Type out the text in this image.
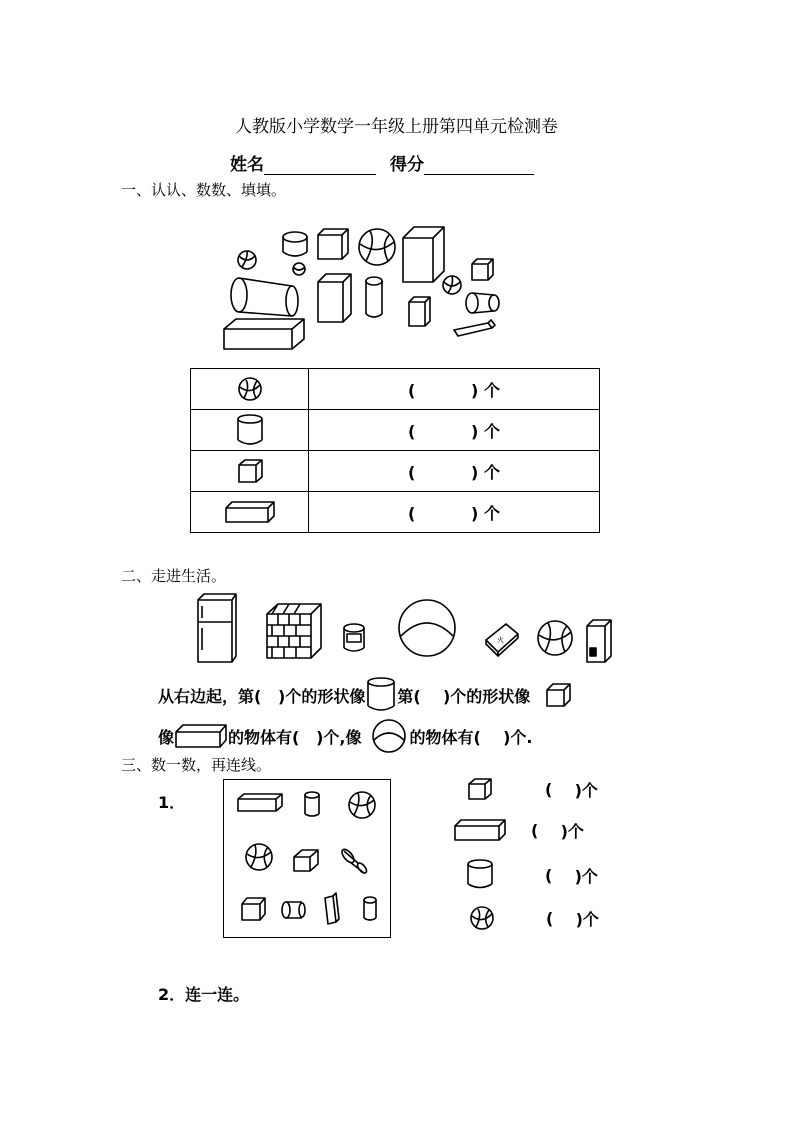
人教版小学数学一年级上册第四单元检测卷
姓名	得分
一、认认、数数、填填。
	( ) 个

	( ) 个

	( ) 个

	( ) 个
二、走进生活。
火
从右边起，第(
)个的形状像 第(
)个的形状像
像	的物体有(
)个,像	的物体有(
)个.
三、数一数，再连线。
1．
(
)个
(
)个
(
)个
(
)个
2．连一连。
